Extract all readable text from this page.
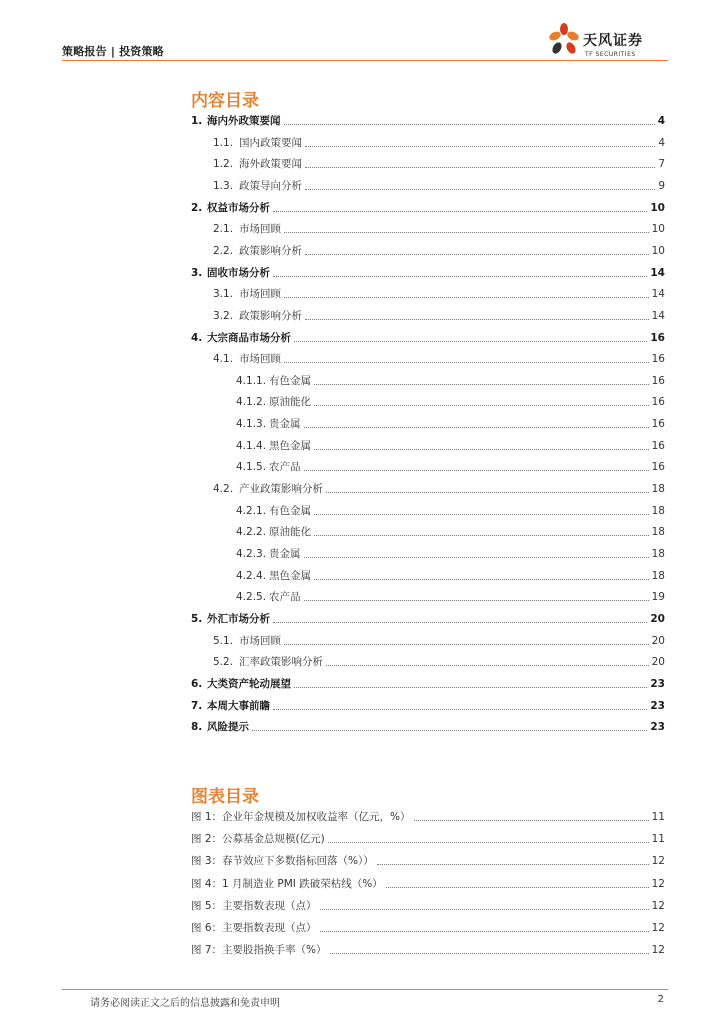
策略报告 | 投资策略
天风证券
TF SECURITIES
内容目录
1. 海内外政策要闻	4
1.1. 国内政策要闻	4
1.2. 海外政策要闻	7
1.3. 政策导向分析	9
2. 权益市场分析	10
2.1. 市场回顾	10
2.2. 政策影响分析	10
3. 固收市场分析	14
3.1. 市场回顾	14
3.2. 政策影响分析	14
4. 大宗商品市场分析	16
4.1. 市场回顾	16
4.1.1. 有色金属	16
4.1.2. 原油能化	16
4.1.3. 贵金属	16
4.1.4. 黑色金属	16
4.1.5. 农产品	16
4.2. 产业政策影响分析	18
4.2.1. 有色金属	18
4.2.2. 原油能化	18
4.2.3. 贵金属	18
4.2.4. 黑色金属	18
4.2.5. 农产品	19
5. 外汇市场分析	20
5.1. 市场回顾	20
5.2. 汇率政策影响分析	20
6. 大类资产轮动展望	23
7. 本周大事前瞻	23
8. 风险提示	23
图表目录
图 1：企业年金规模及加权收益率（亿元，%）	11
图 2：公募基金总规模(亿元)	11
图 3：春节效应下多数指标回落（%））	12
图 4：1 月制造业 PMI 跌破荣枯线（%）	12
图 5：主要指数表现（点）	12
图 6：主要指数表现（点）	12
图 7：主要股指换手率（%）	12
请务必阅读正文之后的信息披露和免责申明	2
